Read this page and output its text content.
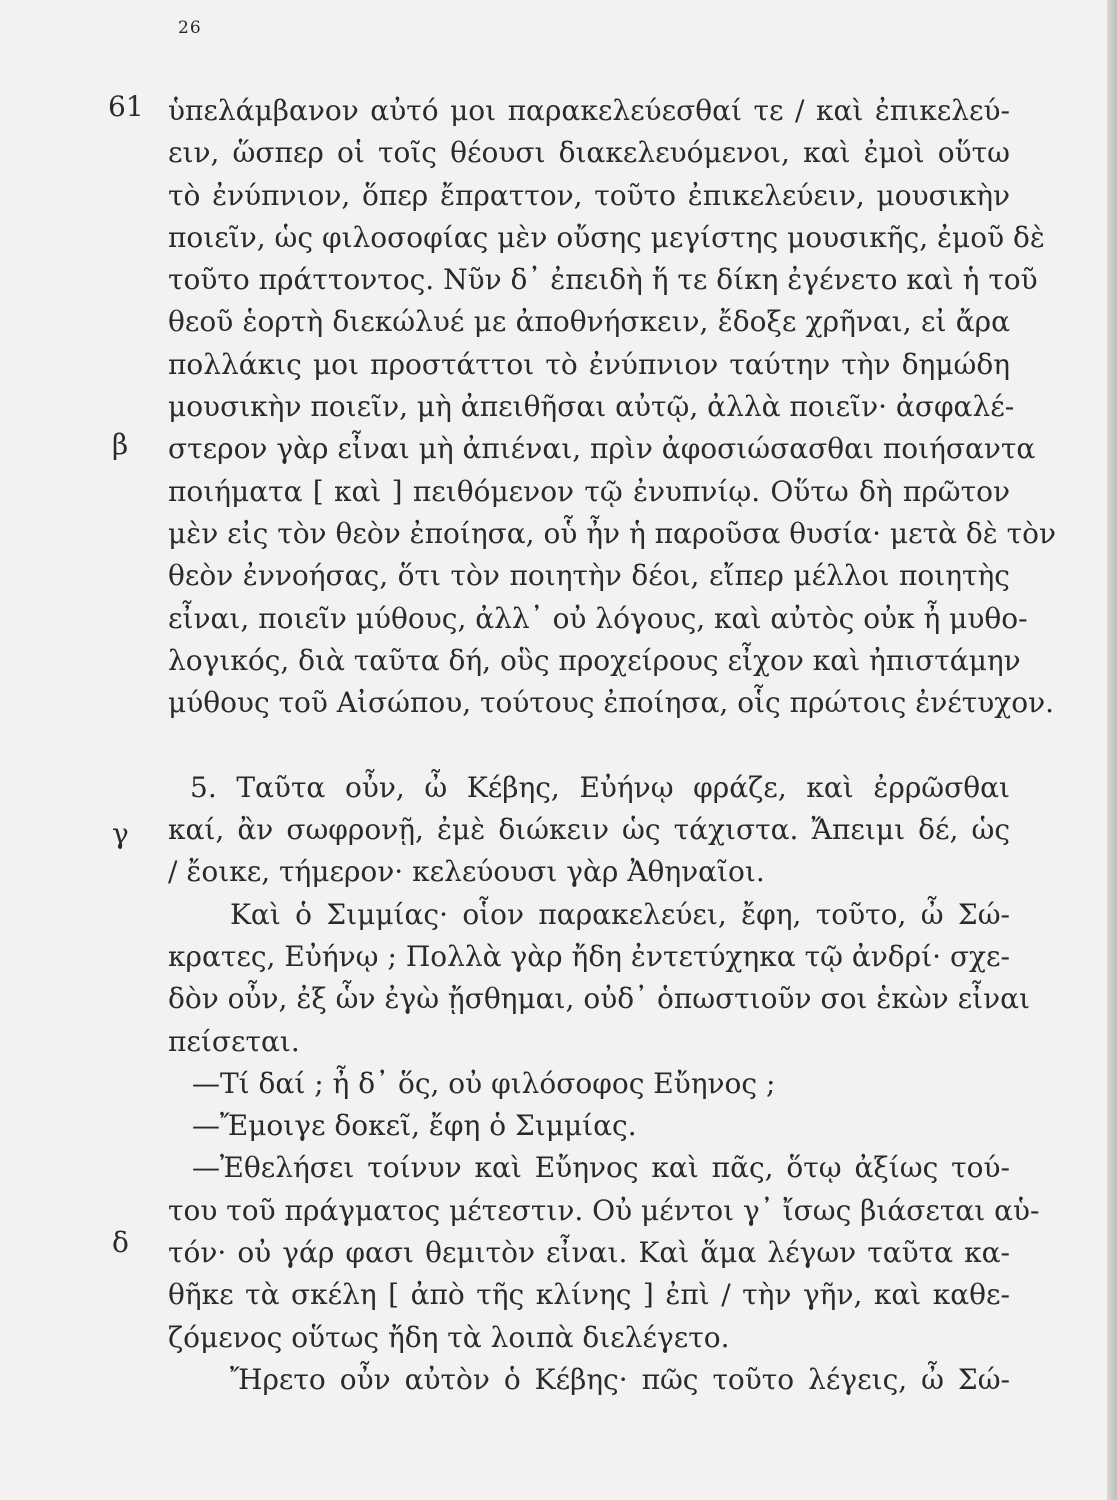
26
61
β
γ
δ
ὑπελάμβανον αὐτό μοι παρακελεύεσθαί τε / καὶ ἐπικελεύ-
ειν, ὥσπερ οἱ τοῖς θέουσι διακελευόμενοι, καὶ ἐμοὶ οὕτω
τὸ ἐνύπνιον, ὅπερ ἔπραττον, τοῦτο ἐπικελεύειν, μουσικὴν
ποιεῖν, ὡς φιλοσοφίας μὲν οὔσης μεγίστης μουσικῆς, ἐμοῦ δὲ
τοῦτο πράττοντος. Νῦν δ᾽ ἐπειδὴ ἥ τε δίκη ἐγένετο καὶ ἡ τοῦ
θεοῦ ἑορτὴ διεκώλυέ με ἀποθνήσκειν, ἔδοξε χρῆναι, εἰ ἄρα
πολλάκις μοι προστάττοι τὸ ἐνύπνιον ταύτην τὴν δημώδη
μουσικὴν ποιεῖν, μὴ ἀπειθῆσαι αὐτῷ, ἀλλὰ ποιεῖν· ἀσφαλέ-
στερον γὰρ εἶναι μὴ ἀπιέναι, πρὶν ἀφοσιώσασθαι ποιήσαντα
ποιήματα [ καὶ ] πειθόμενον τῷ ἐνυπνίῳ. Οὕτω δὴ πρῶτον
μὲν εἰς τὸν θεὸν ἐποίησα, οὗ ἦν ἡ παροῦσα θυσία· μετὰ δὲ τὸν
θεὸν ἐννοήσας, ὅτι τὸν ποιητὴν δέοι, εἴπερ μέλλοι ποιητὴς
εἶναι, ποιεῖν μύθους, ἀλλ᾽ οὐ λόγους, καὶ αὐτὸς οὐκ ἦ μυθο-
λογικός, διὰ ταῦτα δή, οὓς προχείρους εἶχον καὶ ἠπιστάμην
μύθους τοῦ Αἰσώπου, τούτους ἐποίησα, οἷς πρώτοις ἐνέτυχον.
5. Ταῦτα οὖν, ὦ Κέβης, Εὐήνῳ φράζε, καὶ ἐρρῶσθαι
καί, ἂν σωφρονῇ, ἐμὲ διώκειν ὡς τάχιστα. Ἄπειμι δέ, ὡς
/ ἔοικε, τήμερον· κελεύουσι γὰρ Ἀθηναῖοι.
Καὶ ὁ Σιμμίας· οἷον παρακελεύει, ἔφη, τοῦτο, ὦ Σώ-
κρατες, Εὐήνῳ ; Πολλὰ γὰρ ἤδη ἐντετύχηκα τῷ ἀνδρί· σχε-
δὸν οὖν, ἐξ ὧν ἐγὼ ᾔσθημαι, οὐδ᾽ ὁπωστιοῦν σοι ἑκὼν εἶναι
πείσεται.
—Τί δαί ; ἦ δ᾽ ὅς, οὐ φιλόσοφος Εὔηνος ;
—Ἔμοιγε δοκεῖ, ἔφη ὁ Σιμμίας.
—Ἐθελήσει τοίνυν καὶ Εὔηνος καὶ πᾶς, ὅτῳ ἀξίως τού-
του τοῦ πράγματος μέτεστιν. Οὐ μέντοι γ᾽ ἴσως βιάσεται αὑ-
τόν· οὐ γάρ φασι θεμιτὸν εἶναι. Καὶ ἅμα λέγων ταῦτα κα-
θῆκε τὰ σκέλη [ ἀπὸ τῆς κλίνης ] ἐπὶ / τὴν γῆν, καὶ καθε-
ζόμενος οὕτως ἤδη τὰ λοιπὰ διελέγετο.
Ἤρετο οὖν αὐτὸν ὁ Κέβης· πῶς τοῦτο λέγεις, ὦ Σώ-
